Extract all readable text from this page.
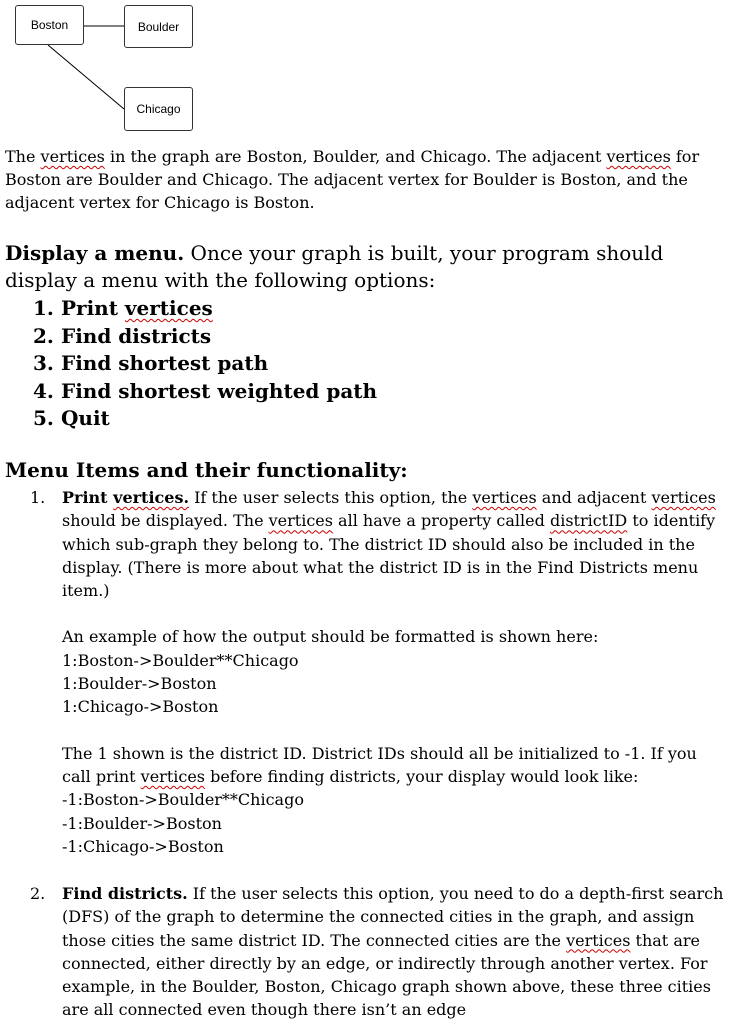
Boston	Boulder
Chicago
The vertices in the graph are Boston, Boulder, and Chicago. The adjacent vertices for Boston are Boulder and Chicago. The adjacent vertex for Boulder is Boston, and the adjacent vertex for Chicago is Boston.
Display a menu. Once your graph is built, your program should display a menu with the following options:
1. Print vertices
2. Find districts
3. Find shortest path
4. Find shortest weighted path
5. Quit
Menu Items and their functionality:
1. Print vertices. If the user selects this option, the vertices and adjacent vertices should be displayed. The vertices all have a property called districtID to identify which sub-graph they belong to. The district ID should also be included in the display. (There is more about what the district ID is in the Find Districts menu item.)
An example of how the output should be formatted is shown here:
1:Boston->Boulder**Chicago
1:Boulder->Boston
1:Chicago->Boston
The 1 shown is the district ID. District IDs should all be initialized to -1. If you call print vertices before finding districts, your display would look like:
-1:Boston->Boulder**Chicago
-1:Boulder->Boston
-1:Chicago->Boston
2. Find districts. If the user selects this option, you need to do a depth-first search (DFS) of the graph to determine the connected cities in the graph, and assign those cities the same district ID. The connected cities are the vertices that are connected, either directly by an edge, or indirectly through another vertex. For example, in the Boulder, Boston, Chicago graph shown above, these three cities are all connected even though there isn’t an edge
